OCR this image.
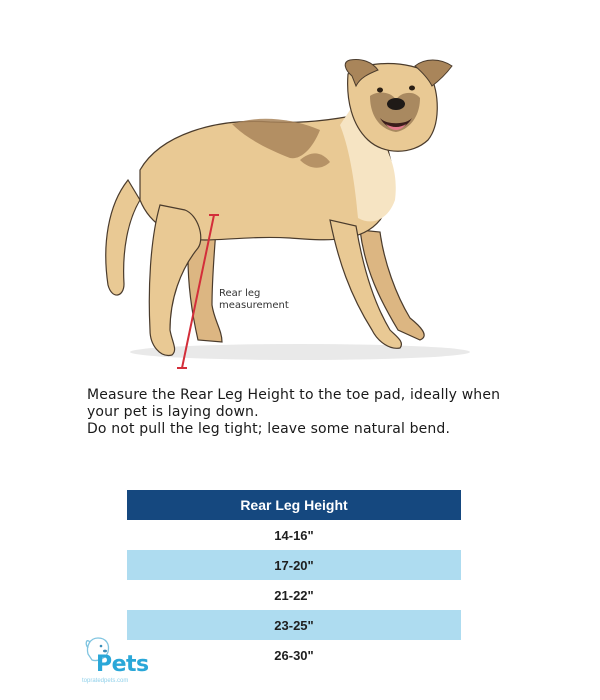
Rear leg
measurement
Measure the Rear Leg Height to the toe pad, ideally when
your pet is laying down.
Do not pull the leg tight; leave some natural bend.
Rear Leg Height
14-16"
17-20"
21-22"
23-25"
26-30"
Pets
topratedpets.com
